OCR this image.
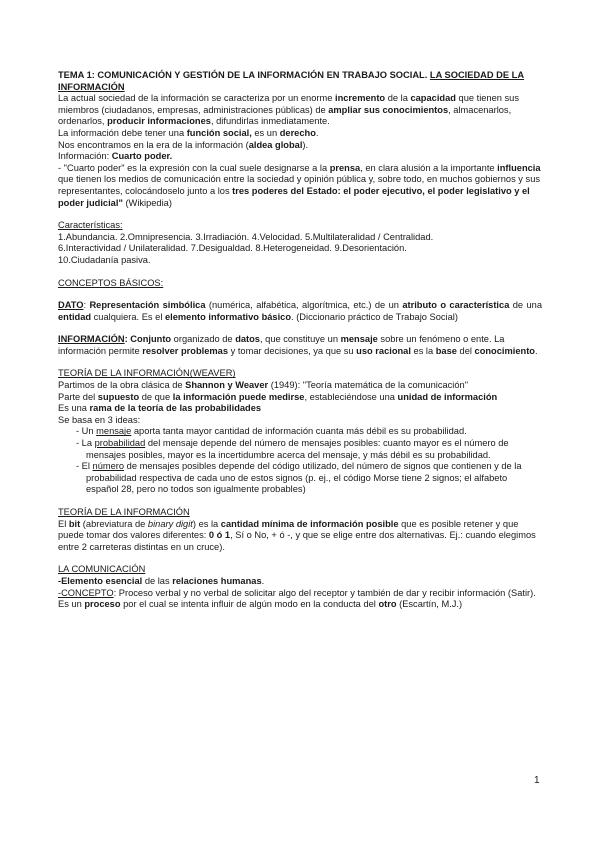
TEMA 1: COMUNICACIÓN Y GESTIÓN DE LA INFORMACIÓN EN TRABAJO SOCIAL. LA SOCIEDAD DE LA INFORMACIÓN

La actual sociedad de la información se caracteriza por un enorme incremento de la capacidad que tienen sus miembros (ciudadanos, empresas, administraciones públicas) de ampliar sus conocimientos, almacenarlos, ordenarlos, producir informaciones, difundirlas inmediatamente.

La información debe tener una función social, es un derecho.

Nos encontramos en la era de la información (aldea global).

Información: Cuarto poder.

- "Cuarto poder" es la expresión con la cual suele designarse a la prensa, en clara alusión a la importante influencia que tienen los medios de comunicación entre la sociedad y opinión pública y, sobre todo, en muchos gobiernos y sus representantes, colocándoselo junto a los tres poderes del Estado: el poder ejecutivo, el poder legislativo y el poder judicial" (Wikipedia)

Características:

1.Abundancia. 2.Omnipresencia. 3.Irradiación. 4.Velocidad. 5.Multilateralidad / Centralidad.

6.Interactividad / Unilateralidad. 7.Desigualdad. 8.Heterogeneidad. 9.Desorientación.

10.Ciudadanía pasiva.

CONCEPTOS BÁSICOS:

DATO: Representación simbólica (numérica, alfabética, algorítmica, etc.) de un atributo o característica de una entidad cualquiera. Es el elemento informativo básico. (Diccionario práctico de Trabajo Social)

INFORMACIÓN: Conjunto organizado de datos, que constituye un mensaje sobre un fenómeno o ente. La información permite resolver problemas y tomar decisiones, ya que su uso racional es la base del conocimiento.

TEORÍA DE LA INFORMACIÓN(WEAVER)

Partimos de la obra clásica de Shannon y Weaver (1949): "Teoría matemática de la comunicación"

Parte del supuesto de que la información puede medirse, estableciéndose una unidad de información

Es una rama de la teoría de las probabilidades

Se basa en 3 ideas:

- Un mensaje aporta tanta mayor cantidad de información cuanta más débil es su probabilidad.
- La probabilidad del mensaje depende del número de mensajes posibles: cuanto mayor es el número de mensajes posibles, mayor es la incertidumbre acerca del mensaje, y más débil es su probabilidad.
- El número de mensajes posibles depende del código utilizado, del número de signos que contienen y de la probabilidad respectiva de cada uno de estos signos (p. ej., el código Morse tiene 2 signos; el alfabeto español 28, pero no todos son igualmente probables)

TEORÍA DE LA INFORMACIÓN

El bit (abreviatura de binary digit) es la cantidad mínima de información posible que es posible retener y que puede tomar dos valores diferentes: 0 ó 1, Sí o No, + ó -, y que se elige entre dos alternativas. Ej.: cuando elegimos entre 2 carreteras distintas en un cruce).

LA COMUNICACIÓN

-Elemento esencial de las relaciones humanas.

-CONCEPTO: Proceso verbal y no verbal de solicitar algo del receptor y también de dar y recibir información (Satir).

Es un proceso por el cual se intenta influir de algún modo en la conducta del otro (Escartín, M.J.)

1
